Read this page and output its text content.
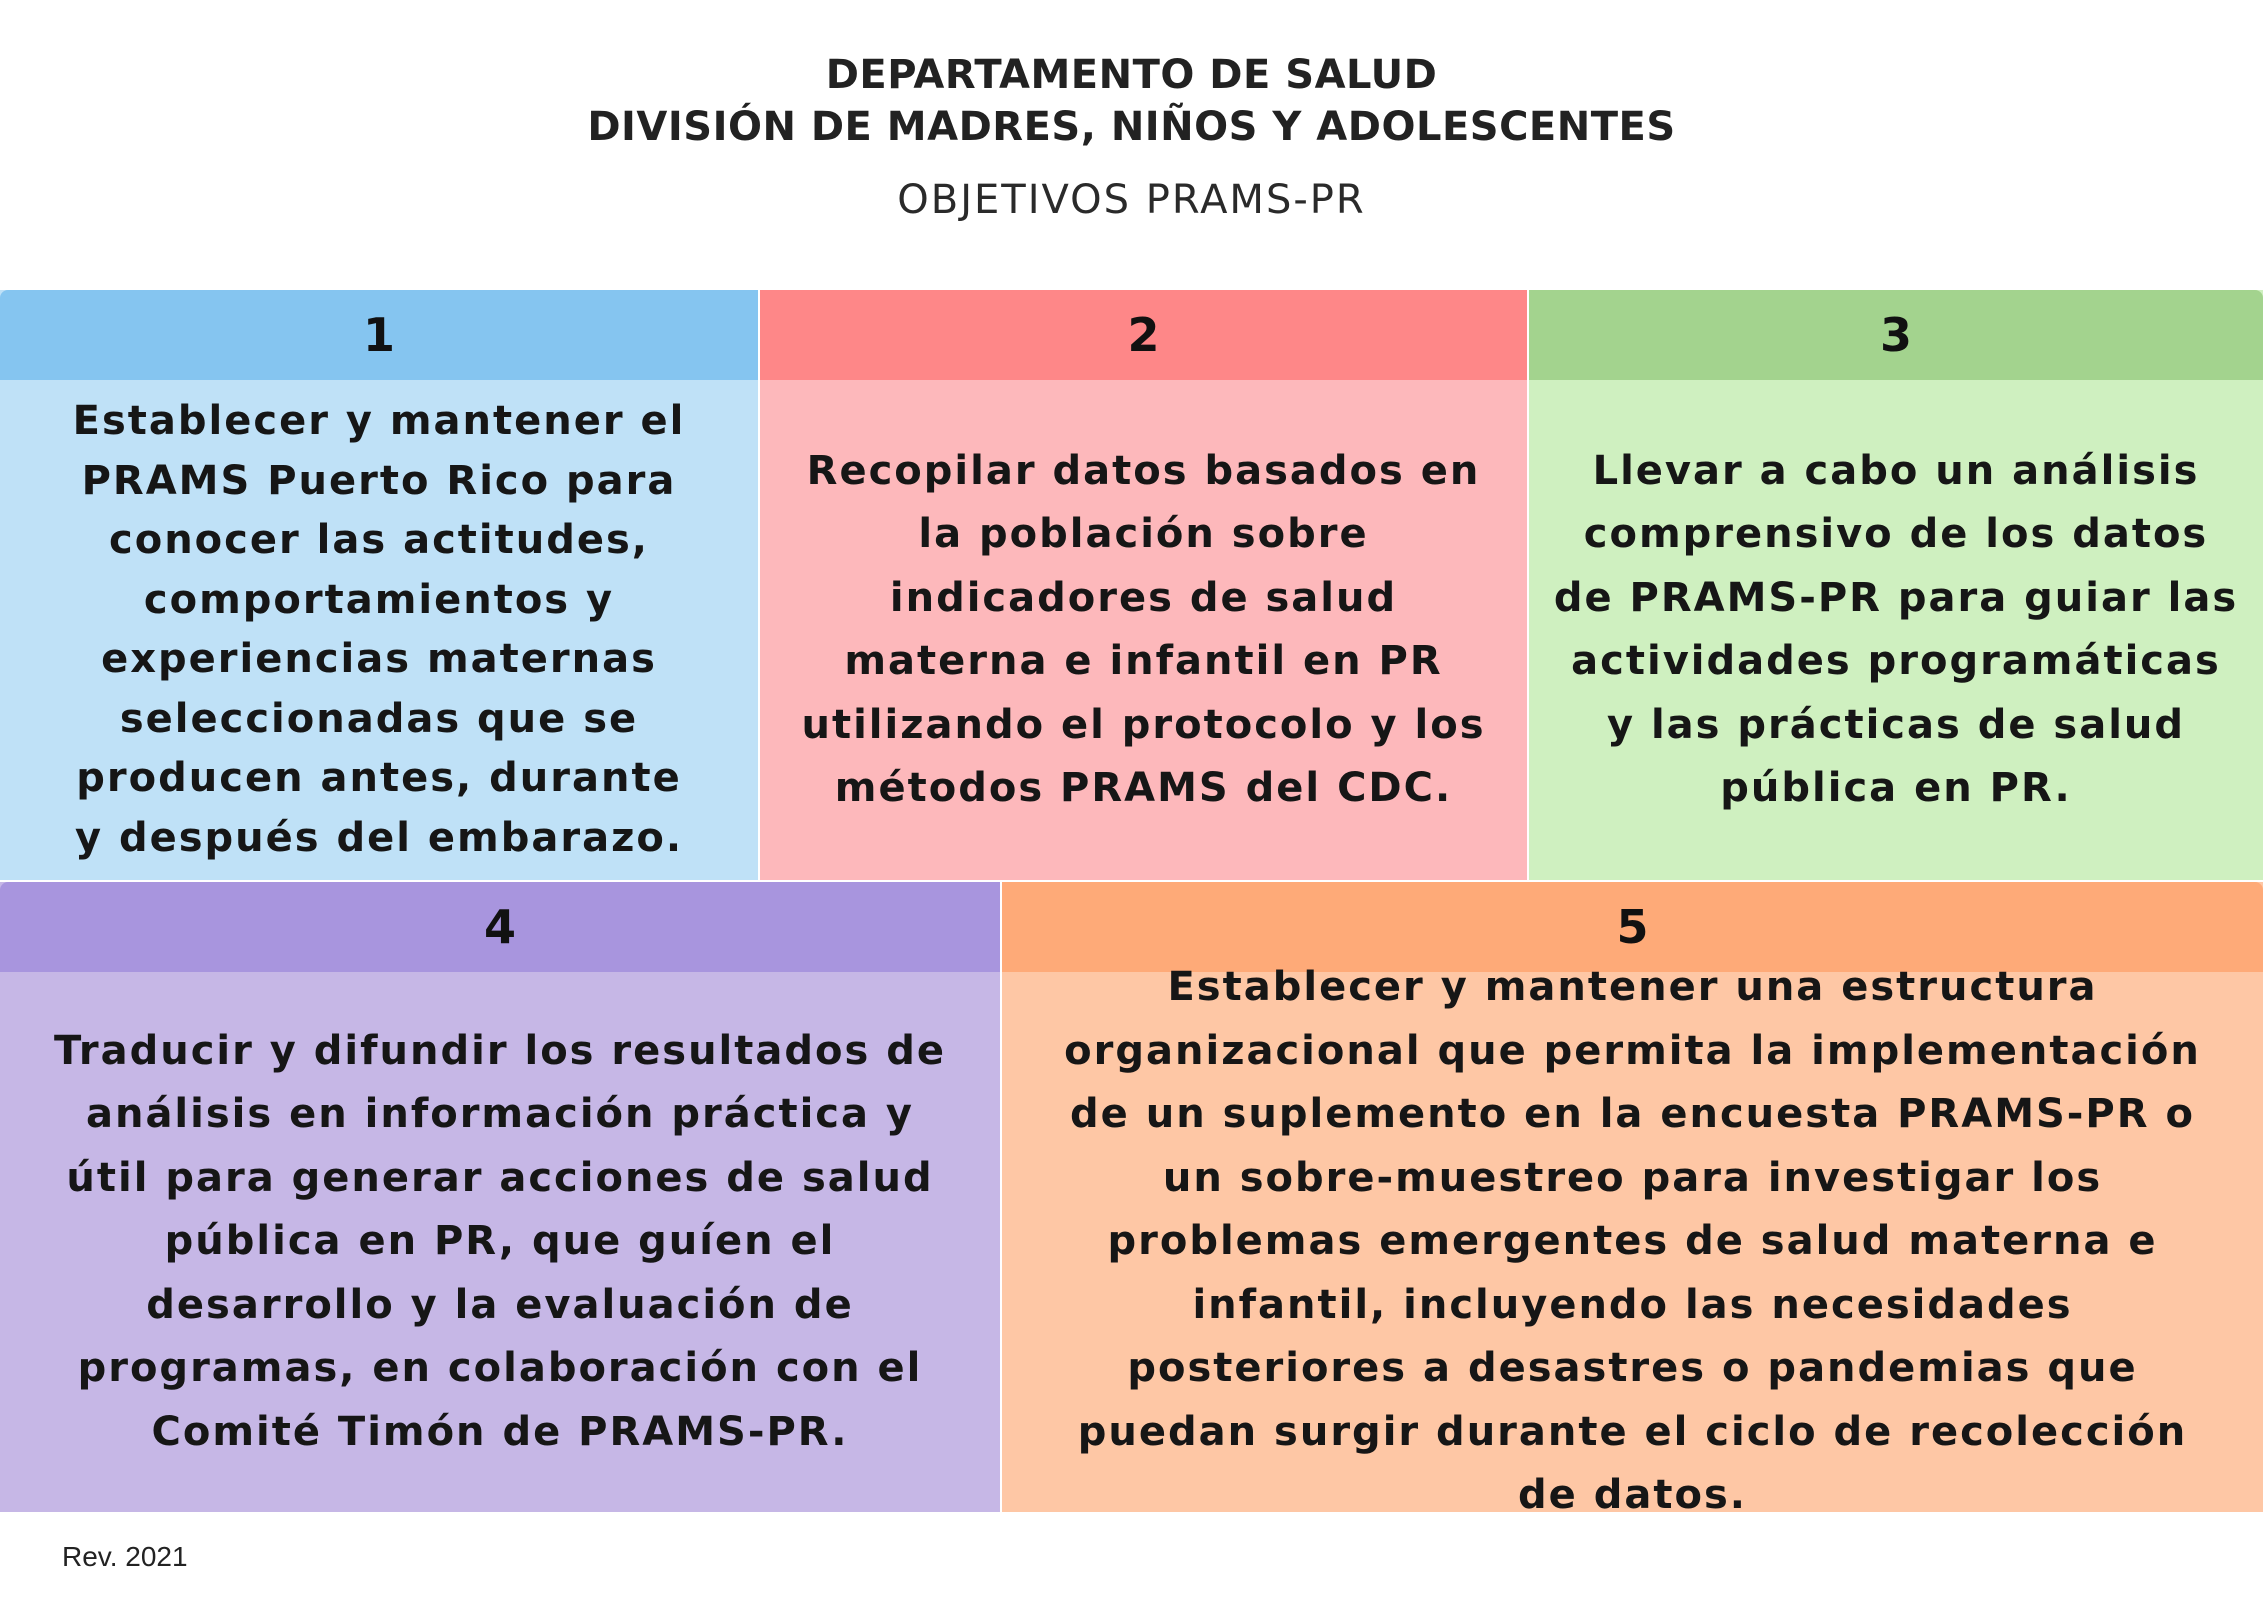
DEPARTAMENTO DE SALUD
DIVISIÓN DE MADRES, NIÑOS Y ADOLESCENTES
OBJETIVOS PRAMS-PR
1
Establecer y mantener el PRAMS Puerto Rico para conocer las actitudes, comportamientos y experiencias maternas seleccionadas que se producen antes, durante y después del embarazo.
2
Recopilar datos basados en la población sobre indicadores de salud materna e infantil en PR utilizando el protocolo y los métodos PRAMS del CDC.
3
Llevar a cabo un análisis comprensivo de los datos de PRAMS-PR para guiar las actividades programáticas y las prácticas de salud pública en PR.
4
Traducir y difundir los resultados de análisis en información práctica y útil para generar acciones de salud pública en PR, que guíen el desarrollo y la evaluación de programas, en colaboración con el Comité Timón de PRAMS-PR.
5
Establecer y mantener una estructura organizacional que permita la implementación de un suplemento en la encuesta PRAMS-PR o un sobre-muestreo para investigar los problemas emergentes de salud materna e infantil, incluyendo las necesidades posteriores a desastres o pandemias que puedan surgir durante el ciclo de recolección de datos.
Rev. 2021
